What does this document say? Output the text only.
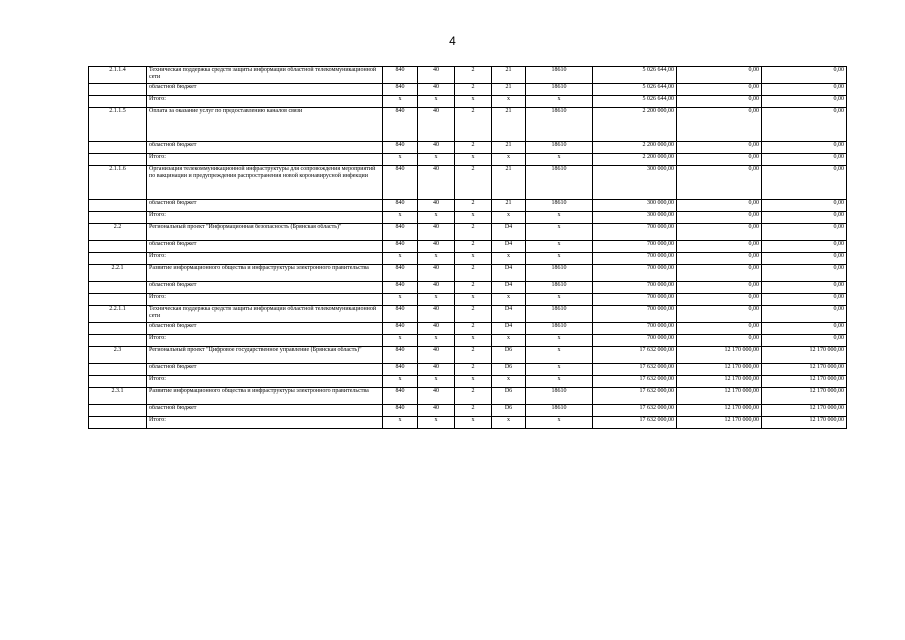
4
2.1.1.4	Техническая поддержка средств защиты информации областной телекоммуникационной сети	840	40	2	21	18610	5 026 644,00	0,00	0,00
	областной бюджет	840	40	2	21	18610	5 026 644,00	0,00	0,00
	Итого:	x	x	x	x	x	5 026 644,00	0,00	0,00
2.1.1.5	Оплата за оказание услуг по предоставлению каналов связи	840	40	2	21	18610	2 200 000,00	0,00	0,00
	областной бюджет	840	40	2	21	18610	2 200 000,00	0,00	0,00
	Итого:	x	x	x	x	x	2 200 000,00	0,00	0,00
2.1.1.6	Организация телекоммуникационной инфраструктуры для сопровождения мероприятий по вакцинации и предупреждения распространения новой коронавирусной инфекции	840	40	2	21	18610	300 000,00	0,00	0,00
	областной бюджет	840	40	2	21	18610	300 000,00	0,00	0,00
	Итого:	x	x	x	x	x	300 000,00	0,00	0,00
2.2	Региональный проект "Информационная безопасность (Брянская область)"	840	40	2	D4	x	700 000,00	0,00	0,00
	областной бюджет	840	40	2	D4	x	700 000,00	0,00	0,00
	Итого:	x	x	x	x	x	700 000,00	0,00	0,00
2.2.1	Развитие информационного общества и инфраструктуры электронного правительства	840	40	2	D4	18610	700 000,00	0,00	0,00
	областной бюджет	840	40	2	D4	18610	700 000,00	0,00	0,00
	Итого:	x	x	x	x	x	700 000,00	0,00	0,00
2.2.1.1	Техническая поддержка средств защиты информации областной телекоммуникационной сети	840	40	2	D4	18610	700 000,00	0,00	0,00
	областной бюджет	840	40	2	D4	18610	700 000,00	0,00	0,00
	Итого:	x	x	x	x	x	700 000,00	0,00	0,00
2.3	Региональный проект "Цифровое государственное управление (Брянская область)"	840	40	2	D6	x	17 632 000,00	12 170 000,00	12 170 000,00
	областной бюджет	840	40	2	D6	x	17 632 000,00	12 170 000,00	12 170 000,00
	Итого:	x	x	x	x	x	17 632 000,00	12 170 000,00	12 170 000,00
2.3.1	Развитие информационного общества и инфраструктуры электронного правительства	840	40	2	D6	18610	17 632 000,00	12 170 000,00	12 170 000,00
	областной бюджет	840	40	2	D6	18610	17 632 000,00	12 170 000,00	12 170 000,00
	Итого:	x	x	x	x	x	17 632 000,00	12 170 000,00	12 170 000,00
